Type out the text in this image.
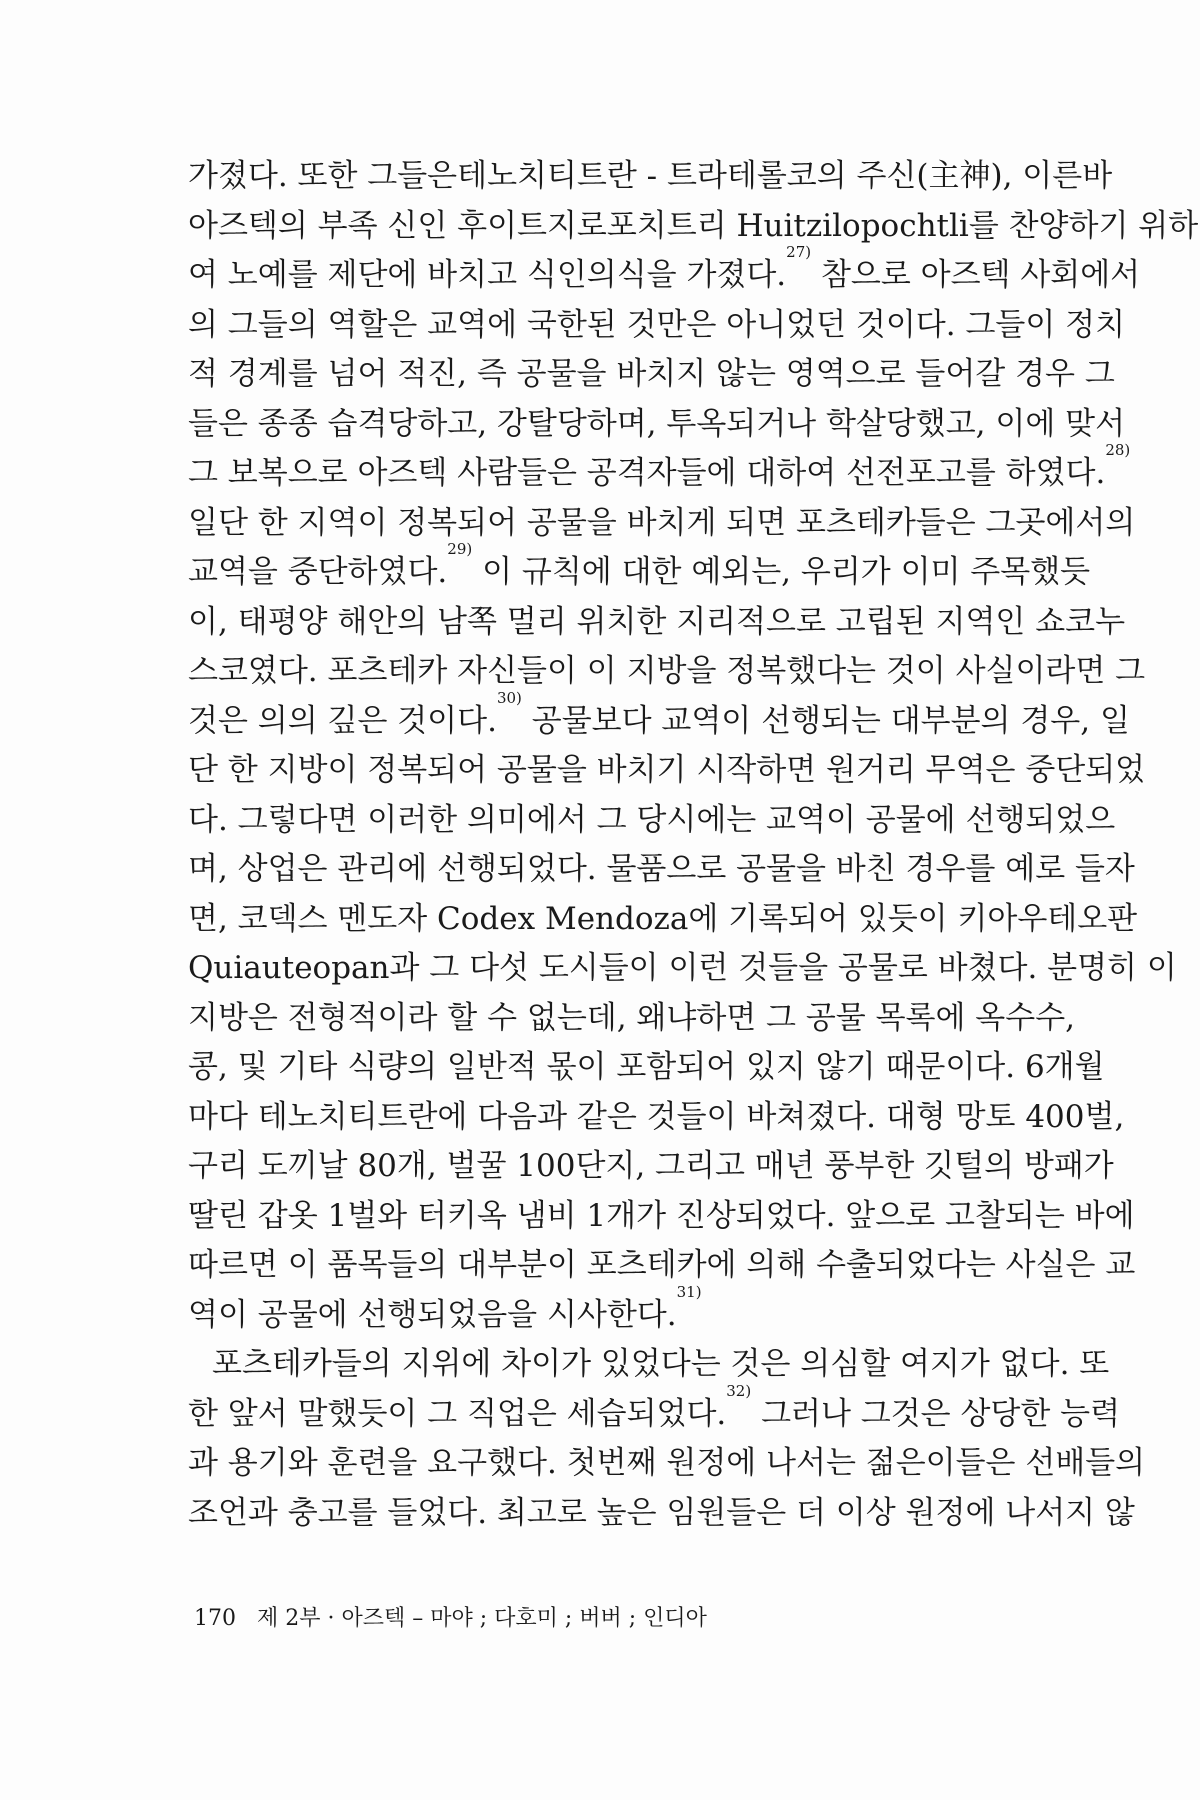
가졌다. 또한 그들은테노치티트란 - 트라테롤코의 주신(主神), 이른바
아즈텍의 부족 신인 후이트지로포치트리 Huitzilopochtli를 찬양하기 위하
여 노예를 제단에 바치고 식인의식을 가졌다.$^{27)}$ 참으로 아즈텍 사회에서
의 그들의 역할은 교역에 국한된 것만은 아니었던 것이다. 그들이 정치
적 경계를 넘어 적진, 즉 공물을 바치지 않는 영역으로 들어갈 경우 그
들은 종종 습격당하고, 강탈당하며, 투옥되거나 학살당했고, 이에 맞서
그 보복으로 아즈텍 사람들은 공격자들에 대하여 선전포고를 하였다.$^{28)}$
일단 한 지역이 정복되어 공물을 바치게 되면 포츠테카들은 그곳에서의
교역을 중단하였다.$^{29)}$ 이 규칙에 대한 예외는, 우리가 이미 주목했듯
이, 태평양 해안의 남쪽 멀리 위치한 지리적으로 고립된 지역인 쇼코누
스코였다. 포츠테카 자신들이 이 지방을 정복했다는 것이 사실이라면 그
것은 의의 깊은 것이다.$^{30)}$ 공물보다 교역이 선행되는 대부분의 경우, 일
단 한 지방이 정복되어 공물을 바치기 시작하면 원거리 무역은 중단되었
다. 그렇다면 이러한 의미에서 그 당시에는 교역이 공물에 선행되었으
며, 상업은 관리에 선행되었다. 물품으로 공물을 바친 경우를 예로 들자
면, 코덱스 멘도자 Codex Mendoza에 기록되어 있듯이 키아우테오판
Quiauteopan과 그 다섯 도시들이 이런 것들을 공물로 바쳤다. 분명히 이
지방은 전형적이라 할 수 없는데, 왜냐하면 그 공물 목록에 옥수수,
콩, 및 기타 식량의 일반적 몫이 포함되어 있지 않기 때문이다. 6개월
마다 테노치티트란에 다음과 같은 것들이 바쳐졌다. 대형 망토 400벌,
구리 도끼날 80개, 벌꿀 100단지, 그리고 매년 풍부한 깃털의 방패가
딸린 갑옷 1벌와 터키옥 냄비 1개가 진상되었다. 앞으로 고찰되는 바에
따르면 이 품목들의 대부분이 포츠테카에 의해 수출되었다는 사실은 교
역이 공물에 선행되었음을 시사한다.$^{31)}$
포츠테카들의 지위에 차이가 있었다는 것은 의심할 여지가 없다. 또
한 앞서 말했듯이 그 직업은 세습되었다.$^{32)}$ 그러나 그것은 상당한 능력
과 용기와 훈련을 요구했다. 첫번째 원정에 나서는 젊은이들은 선배들의
조언과 충고를 들었다. 최고로 높은 임원들은 더 이상 원정에 나서지 않
170 제 2부 · 아즈텍 – 마야 ; 다호미 ; 버버 ; 인디아
